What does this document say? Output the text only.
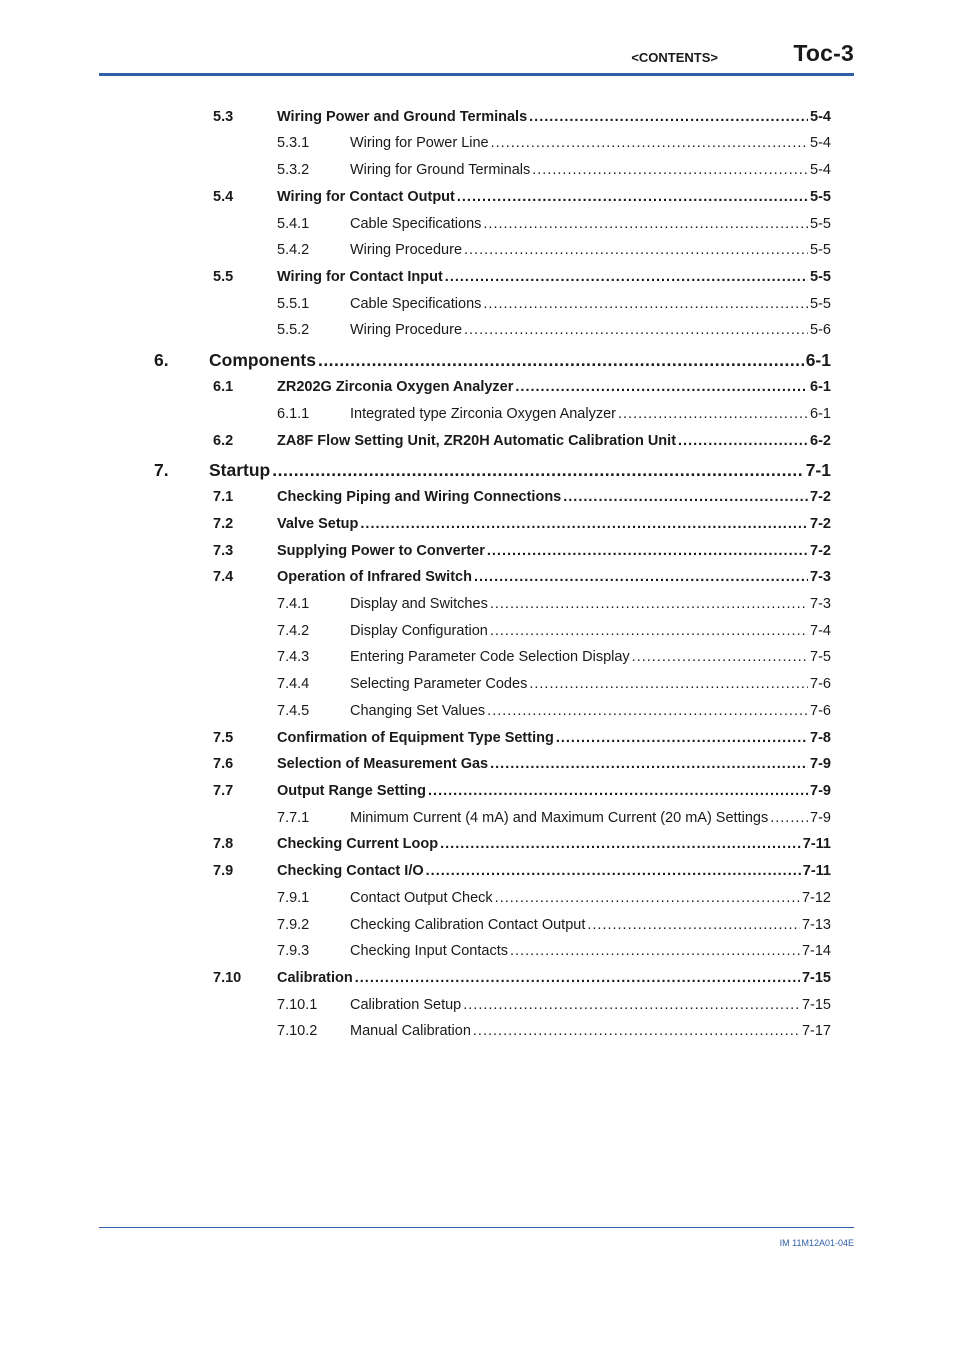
<CONTENTS>	Toc-3
5.3	Wiring Power and Ground Terminals .....	5-4
5.3.1	Wiring for Power Line .....	5-4
5.3.2	Wiring for Ground Terminals .....	5-4
5.4	Wiring for Contact Output .....	5-5
5.4.1	Cable Specifications .....	5-5
5.4.2	Wiring Procedure .....	5-5
5.5	Wiring for Contact Input .....	5-5
5.5.1	Cable Specifications .....	5-5
5.5.2	Wiring Procedure .....	5-6
6. Components .....	6-1
6.1	ZR202G Zirconia Oxygen Analyzer .....	6-1
6.1.1	Integrated type Zirconia Oxygen Analyzer .....	6-1
6.2	ZA8F Flow Setting Unit, ZR20H Automatic Calibration Unit .....	6-2
7. Startup .....	7-1
7.1	Checking Piping and Wiring Connections .....	7-2
7.2	Valve Setup .....	7-2
7.3	Supplying Power to Converter .....	7-2
7.4	Operation of Infrared Switch .....	7-3
7.4.1	Display and Switches .....	7-3
7.4.2	Display Configuration .....	7-4
7.4.3	Entering Parameter Code Selection Display .....	7-5
7.4.4	Selecting Parameter Codes .....	7-6
7.4.5	Changing Set Values .....	7-6
7.5	Confirmation of Equipment Type Setting .....	7-8
7.6	Selection of Measurement Gas .....	7-9
7.7	Output Range Setting .....	7-9
7.7.1	Minimum Current (4 mA) and Maximum Current (20 mA) Settings .....	7-9
7.8	Checking Current Loop .....	7-11
7.9	Checking Contact I/O .....	7-11
7.9.1	Contact Output Check .....	7-12
7.9.2	Checking Calibration Contact Output .....	7-13
7.9.3	Checking Input Contacts .....	7-14
7.10 Calibration .....	7-15
7.10.1 Calibration Setup .....	7-15
7.10.2 Manual Calibration .....	7-17
IM 11M12A01-04E
